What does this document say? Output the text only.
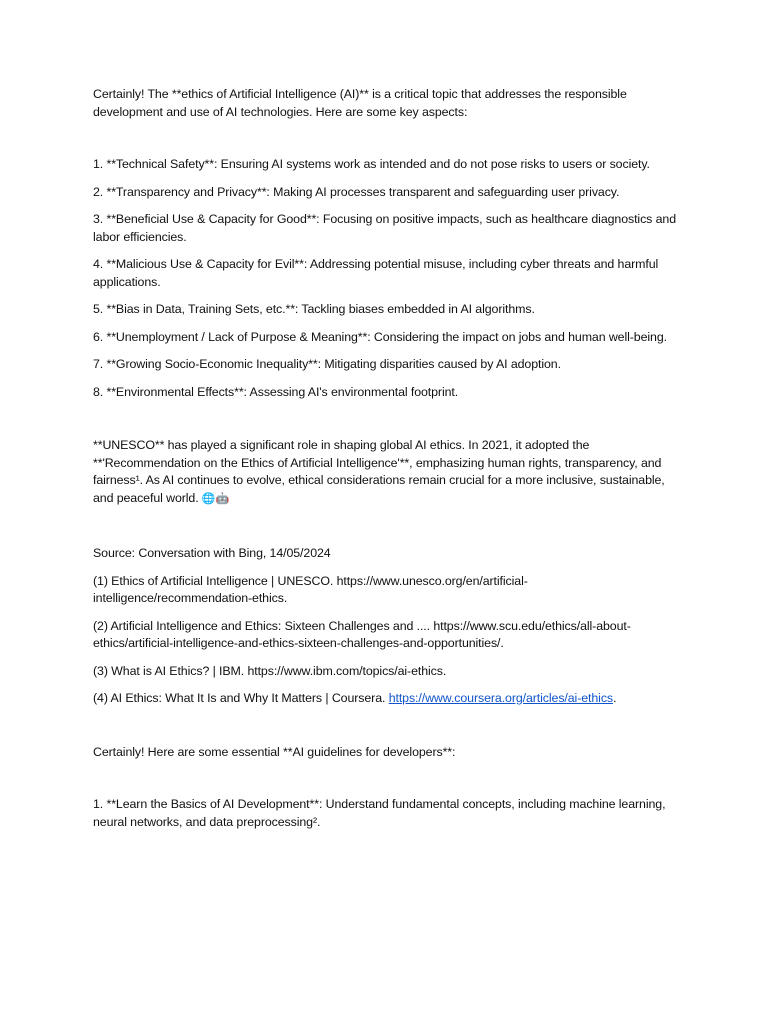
Certainly! The **ethics of Artificial Intelligence (AI)** is a critical topic that addresses the responsible development and use of AI technologies. Here are some key aspects:

1. **Technical Safety**: Ensuring AI systems work as intended and do not pose risks to users or society.

2. **Transparency and Privacy**: Making AI processes transparent and safeguarding user privacy.

3. **Beneficial Use & Capacity for Good**: Focusing on positive impacts, such as healthcare diagnostics and labor efficiencies.

4. **Malicious Use & Capacity for Evil**: Addressing potential misuse, including cyber threats and harmful applications.

5. **Bias in Data, Training Sets, etc.**: Tackling biases embedded in AI algorithms.

6. **Unemployment / Lack of Purpose & Meaning**: Considering the impact on jobs and human well-being.

7. **Growing Socio-Economic Inequality**: Mitigating disparities caused by AI adoption.

8. **Environmental Effects**: Assessing AI's environmental footprint.

**UNESCO** has played a significant role in shaping global AI ethics. In 2021, it adopted the **'Recommendation on the Ethics of Artificial Intelligence'**, emphasizing human rights, transparency, and fairness¹. As AI continues to evolve, ethical considerations remain crucial for a more inclusive, sustainable, and peaceful world. 🌐🤖

Source: Conversation with Bing, 14/05/2024

(1) Ethics of Artificial Intelligence | UNESCO. https://www.unesco.org/en/artificial-intelligence/recommendation-ethics.

(2) Artificial Intelligence and Ethics: Sixteen Challenges and .... https://www.scu.edu/ethics/all-about-ethics/artificial-intelligence-and-ethics-sixteen-challenges-and-opportunities/.

(3) What is AI Ethics? | IBM. https://www.ibm.com/topics/ai-ethics.

(4) AI Ethics: What It Is and Why It Matters | Coursera. https://www.coursera.org/articles/ai-ethics.

Certainly! Here are some essential **AI guidelines for developers**:

1. **Learn the Basics of AI Development**: Understand fundamental concepts, including machine learning, neural networks, and data preprocessing².
